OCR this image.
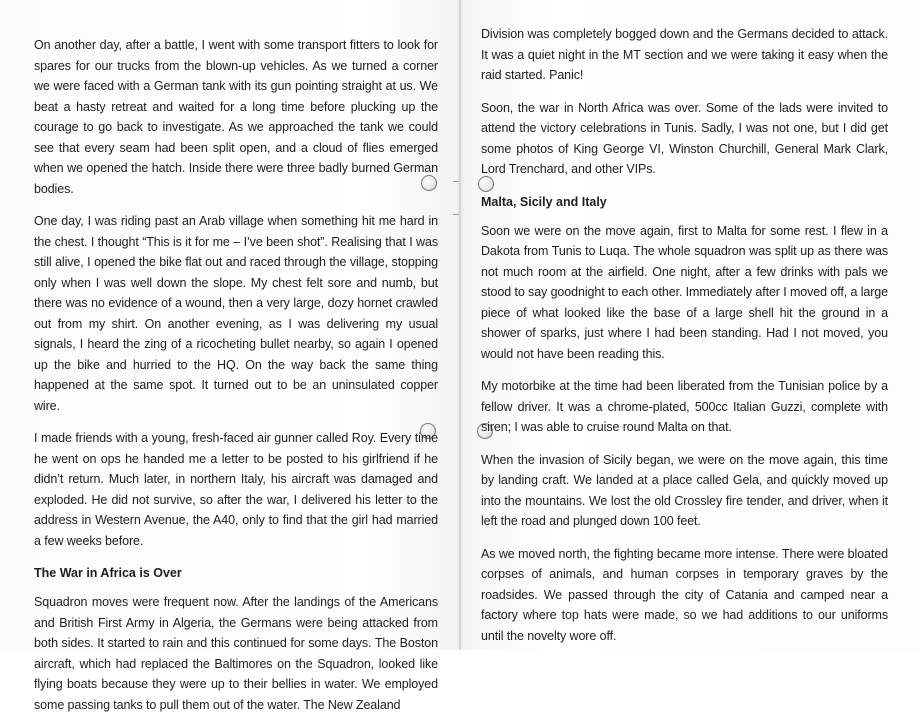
On another day, after a battle, I went with some transport fitters to look for spares for our trucks from the blown-up vehicles. As we turned a corner we were faced with a German tank with its gun pointing straight at us. We beat a hasty retreat and waited for a long time before plucking up the courage to go back to investigate. As we approached the tank we could see that every seam had been split open, and a cloud of flies emerged when we opened the hatch. Inside there were three badly burned German bodies.

One day, I was riding past an Arab village when something hit me hard in the chest. I thought “This is it for me – I’ve been shot”. Realising that I was still alive, I opened the bike flat out and raced through the village, stopping only when I was well down the slope. My chest felt sore and numb, but there was no evidence of a wound, then a very large, dozy hornet crawled out from my shirt. On another evening, as I was delivering my usual signals, I heard the zing of a ricocheting bullet nearby, so again I opened up the bike and hurried to the HQ. On the way back the same thing happened at the same spot. It turned out to be an uninsulated copper wire.

I made friends with a young, fresh-faced air gunner called Roy. Every time he went on ops he handed me a letter to be posted to his girlfriend if he didn’t return. Much later, in northern Italy, his aircraft was damaged and exploded. He did not survive, so after the war, I delivered his letter to the address in Western Avenue, the A40, only to find that the girl had married a few weeks before.

The War in Africa is Over

Squadron moves were frequent now. After the landings of the Americans and British First Army in Algeria, the Germans were being attacked from both sides. It started to rain and this continued for some days. The Boston aircraft, which had replaced the Baltimores on the Squadron, looked like flying boats because they were up to their bellies in water. We employed some passing tanks to pull them out of the water. The New Zealand

Division was completely bogged down and the Germans decided to attack. It was a quiet night in the MT section and we were taking it easy when the raid started. Panic!

Soon, the war in North Africa was over. Some of the lads were invited to attend the victory celebrations in Tunis. Sadly, I was not one, but I did get some photos of King George VI, Winston Churchill, General Mark Clark, Lord Trenchard, and other VIPs.

Malta, Sicily and Italy

Soon we were on the move again, first to Malta for some rest. I flew in a Dakota from Tunis to Luqa. The whole squadron was split up as there was not much room at the airfield. One night, after a few drinks with pals we stood to say goodnight to each other. Immediately after I moved off, a large piece of what looked like the base of a large shell hit the ground in a shower of sparks, just where I had been standing. Had I not moved, you would not have been reading this.

My motorbike at the time had been liberated from the Tunisian police by a fellow driver. It was a chrome-plated, 500cc Italian Guzzi, complete with siren; I was able to cruise round Malta on that.

When the invasion of Sicily began, we were on the move again, this time by landing craft. We landed at a place called Gela, and quickly moved up into the mountains. We lost the old Crossley fire tender, and driver, when it left the road and plunged down 100 feet.

As we moved north, the fighting became more intense. There were bloated corpses of animals, and human corpses in temporary graves by the roadsides. We passed through the city of Catania and camped near a factory where top hats were made, so we had additions to our uniforms until the novelty wore off.
